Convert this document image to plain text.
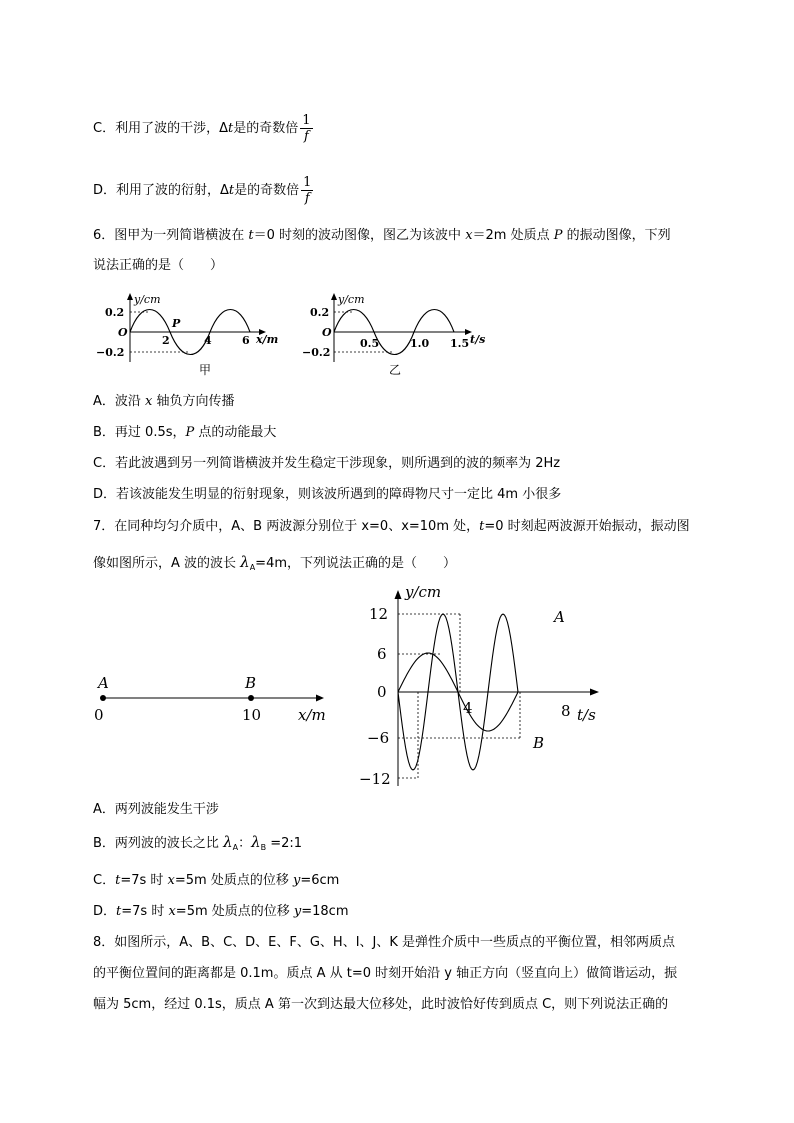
C．利用了波的干涉，Δt是的奇数倍 $\frac{1}{f}$
D．利用了波的衍射，Δt是的奇数倍 $\frac{1}{f}$
6．图甲为一列简谐横波在 t＝0 时刻的波动图像，图乙为该波中 x＝2m 处质点 P 的振动图像，下列
说法正确的是（　　）
y/cm
0.2
O
−0.2
2	4	6
P
x/m
甲
y/cm
0.2
O
−0.2
0.5	1.0 1.5 t/s
乙
A．波沿 x 轴负方向传播
B．再过 0.5s，P 点的动能最大
C．若此波遇到另一列简谐横波并发生稳定干涉现象，则所遇到的波的频率为 2Hz
D．若该波能发生明显的衍射现象，则该波所遇到的障碍物尺寸一定比 4m 小很多
7．在同种均匀介质中，A、B 两波源分别位于 x=0、x=10m 处，t=0 时刻起两波源开始振动，振动图
像如图所示，A 波的波长 $\lambda_A=4m$，下列说法正确的是（　　）
A	B
0	10 x/m
y/cm
12
6
0
−6
−12
4	8 t/s
A
B
A．两列波能发生干涉
B．两列波的波长之比 $\lambda_A$：$\lambda_B$ =2:1
C．t=7s 时 x=5m 处质点的位移 y=6cm
D．t=7s 时 x=5m 处质点的位移 y=18cm
8．如图所示，A、B、C、D、E、F、G、H、I、J、K 是弹性介质中一些质点的平衡位置，相邻两质点
的平衡位置间的距离都是 0.1m。质点 A 从 t=0 时刻开始沿 y 轴正方向（竖直向上）做简谐运动，振
幅为 5cm，经过 0.1s，质点 A 第一次到达最大位移处，此时波恰好传到质点 C，则下列说法正确的
